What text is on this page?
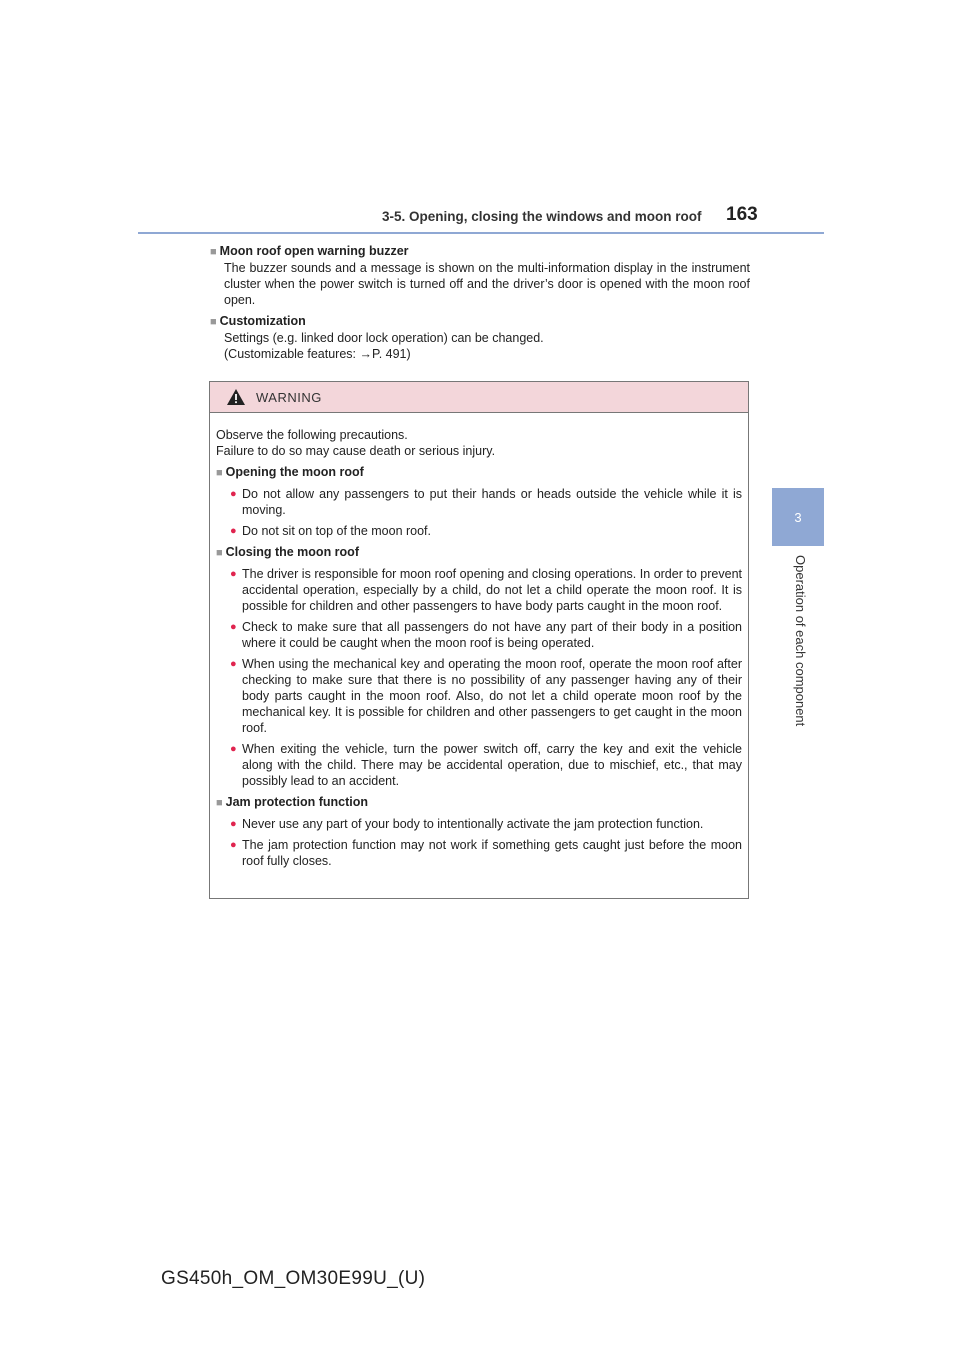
3-5. Opening, closing the windows and moon roof 163
3
Operation of each component
■ Moon roof open warning buzzer
The buzzer sounds and a message is shown on the multi-information display in the instrument cluster when the power switch is turned off and the driver’s door is opened with the moon roof open.
■ Customization
Settings (e.g. linked door lock operation) can be changed.
(Customizable features: →P. 491)
WARNING
Observe the following precautions.
Failure to do so may cause death or serious injury.
■ Opening the moon roof
● Do not allow any passengers to put their hands or heads outside the vehicle while it is moving.
● Do not sit on top of the moon roof.
■ Closing the moon roof
● The driver is responsible for moon roof opening and closing operations. In order to prevent accidental operation, especially by a child, do not let a child operate the moon roof. It is possible for children and other passengers to have body parts caught in the moon roof.
● Check to make sure that all passengers do not have any part of their body in a position where it could be caught when the moon roof is being operated.
● When using the mechanical key and operating the moon roof, operate the moon roof after checking to make sure that there is no possibility of any passenger having any of their body parts caught in the moon roof. Also, do not let a child operate moon roof by the mechanical key. It is possible for children and other passengers to get caught in the moon roof.
● When exiting the vehicle, turn the power switch off, carry the key and exit the vehicle along with the child. There may be accidental operation, due to mischief, etc., that may possibly lead to an accident.
■ Jam protection function
● Never use any part of your body to intentionally activate the jam protection function.
● The jam protection function may not work if something gets caught just before the moon roof fully closes.
GS450h_OM_OM30E99U_(U)
